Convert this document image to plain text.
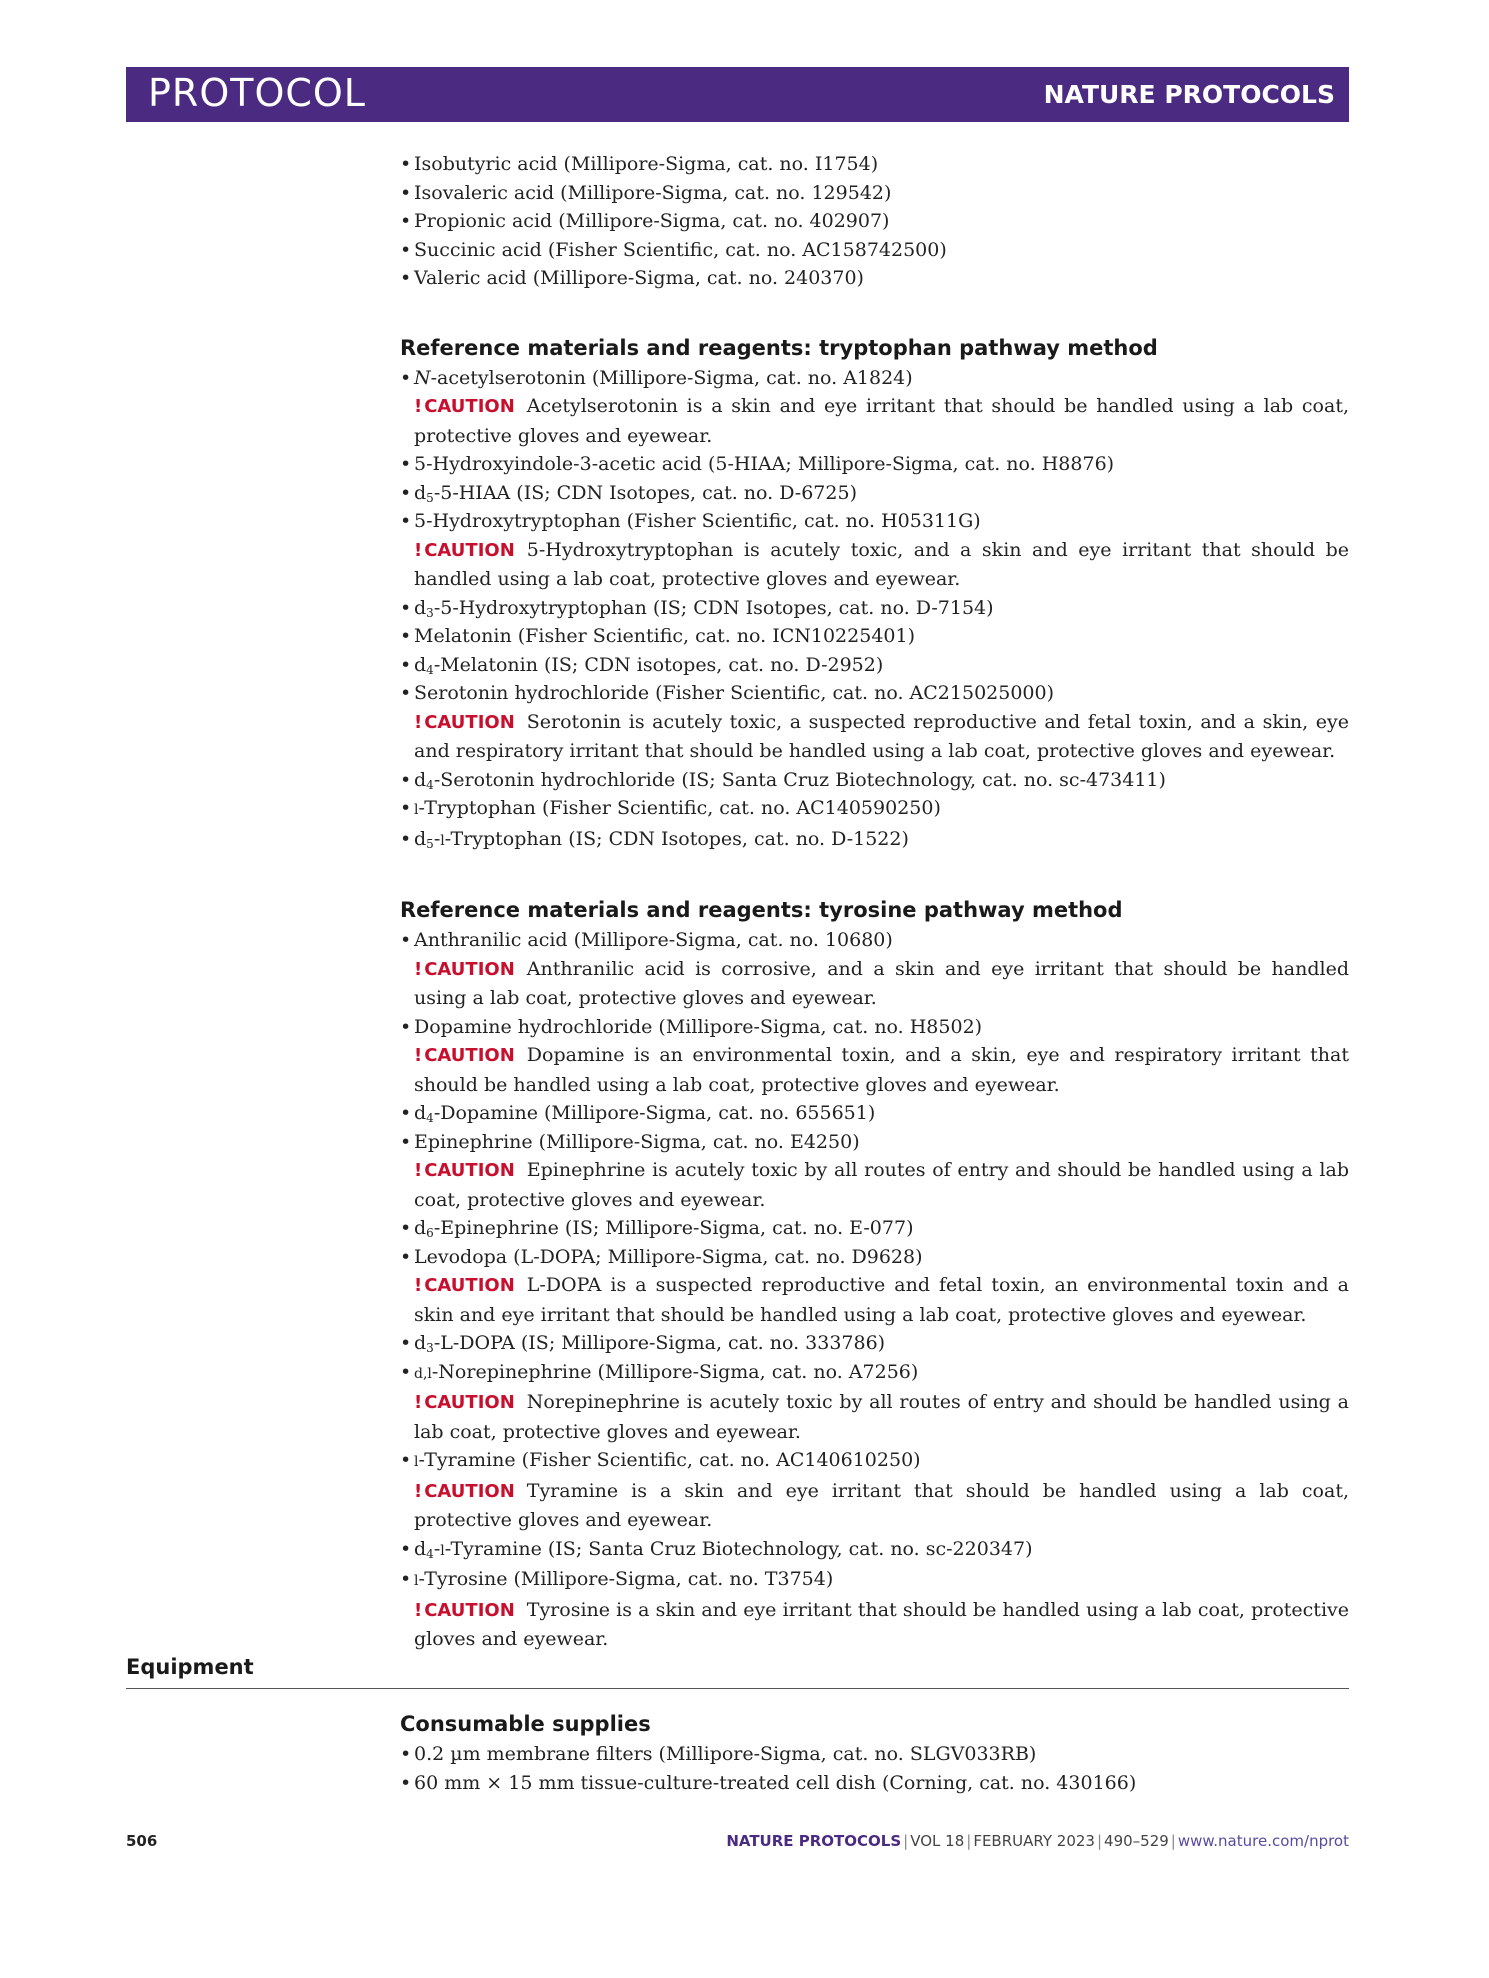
PROTOCOL	NATURE PROTOCOLS
• Isobutyric acid (Millipore-Sigma, cat. no. I1754)
• Isovaleric acid (Millipore-Sigma, cat. no. 129542)
• Propionic acid (Millipore-Sigma, cat. no. 402907)
• Succinic acid (Fisher Scientific, cat. no. AC158742500)
• Valeric acid (Millipore-Sigma, cat. no. 240370)
Reference materials and reagents: tryptophan pathway method
• N-acetylserotonin (Millipore-Sigma, cat. no. A1824)
! CAUTION Acetylserotonin is a skin and eye irritant that should be handled using a lab coat, protective gloves and eyewear.
• 5-Hydroxyindole-3-acetic acid (5-HIAA; Millipore-Sigma, cat. no. H8876)
• $d_5-5$-HIAA (IS; CDN Isotopes, cat. no. D-6725)
• 5-Hydroxytryptophan (Fisher Scientific, cat. no. H05311G)
! CAUTION 5-Hydroxytryptophan is acutely toxic, and a skin and eye irritant that should be handled using a lab coat, protective gloves and eyewear.
• $d_3-5$-Hydroxytryptophan (IS; CDN Isotopes, cat. no. D-7154)
• Melatonin (Fisher Scientific, cat. no. ICN10225401)
• $d_4$-Melatonin (IS; CDN isotopes, cat. no. D-2952)
• Serotonin hydrochloride (Fisher Scientific, cat. no. AC215025000)
! CAUTION Serotonin is acutely toxic, a suspected reproductive and fetal toxin, and a skin, eye and respiratory irritant that should be handled using a lab coat, protective gloves and eyewear.
• $d_4$-Serotonin hydrochloride (IS; Santa Cruz Biotechnology, cat. no. sc-473411)
• l-Tryptophan (Fisher Scientific, cat. no. AC140590250)
• $d_5-l$-Tryptophan (IS; CDN Isotopes, cat. no. D-1522)
Reference materials and reagents: tyrosine pathway method
• Anthranilic acid (Millipore-Sigma, cat. no. 10680)
! CAUTION Anthranilic acid is corrosive, and a skin and eye irritant that should be handled using a lab coat, protective gloves and eyewear.
• Dopamine hydrochloride (Millipore-Sigma, cat. no. H8502)
! CAUTION Dopamine is an environmental toxin, and a skin, eye and respiratory irritant that should be handled using a lab coat, protective gloves and eyewear.
• $d_4$-Dopamine (Millipore-Sigma, cat. no. 655651)
• Epinephrine (Millipore-Sigma, cat. no. E4250)
! CAUTION Epinephrine is acutely toxic by all routes of entry and should be handled using a lab coat, protective gloves and eyewear.
• $d_6$-Epinephrine (IS; Millipore-Sigma, cat. no. E-077)
• Levodopa (L-DOPA; Millipore-Sigma, cat. no. D9628)
! CAUTION L-DOPA is a suspected reproductive and fetal toxin, an environmental toxin and a skin and eye irritant that should be handled using a lab coat, protective gloves and eyewear.
• $d_3-L$-DOPA (IS; Millipore-Sigma, cat. no. 333786)
• d,l-Norepinephrine (Millipore-Sigma, cat. no. A7256)
! CAUTION Norepinephrine is acutely toxic by all routes of entry and should be handled using a lab coat, protective gloves and eyewear.
• l-Tyramine (Fisher Scientific, cat. no. AC140610250)
! CAUTION Tyramine is a skin and eye irritant that should be handled using a lab coat, protective gloves and eyewear.
• $d_4-l$-Tyramine (IS; Santa Cruz Biotechnology, cat. no. sc-220347)
• l-Tyrosine (Millipore-Sigma, cat. no. T3754)
! CAUTION Tyrosine is a skin and eye irritant that should be handled using a lab coat, protective gloves and eyewear.
Equipment
Consumable supplies
• 0.2 µm membrane filters (Millipore-Sigma, cat. no. SLGV033RB)
• 60 mm × 15 mm tissue-culture-treated cell dish (Corning, cat. no. 430166)
506	NATURE PROTOCOLS | VOL 18 | FEBRUARY 2023 | 490–529 | www.nature.com/nprot
